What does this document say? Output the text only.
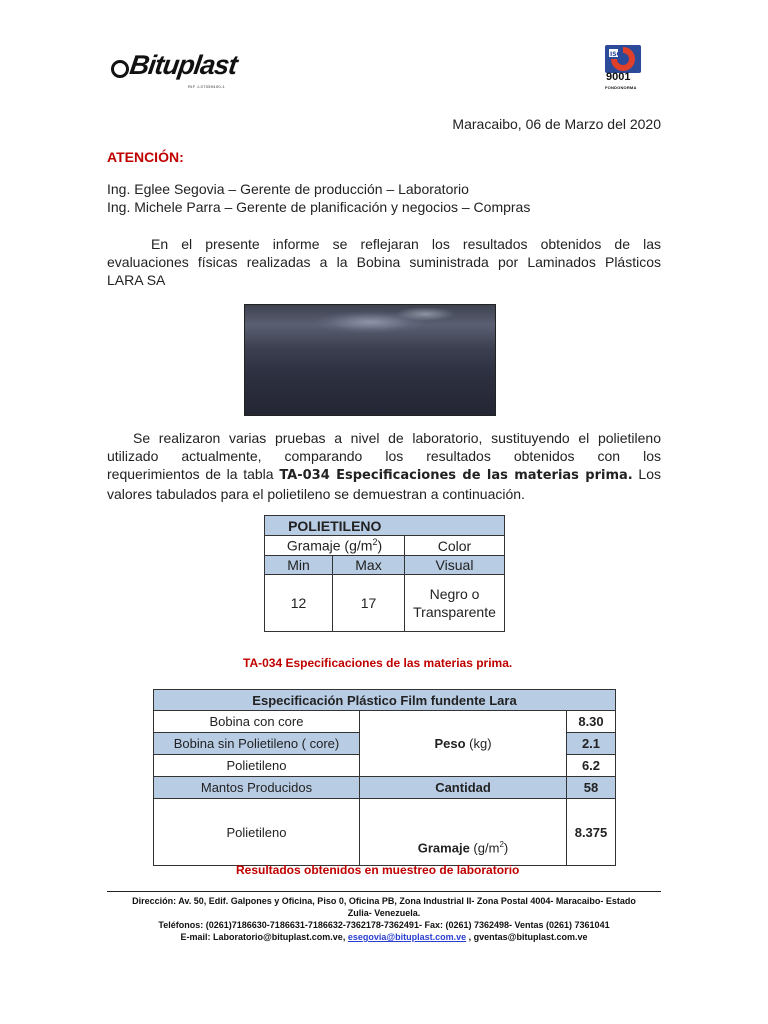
Bituplast
RIF J-07059400-1
ISO
9001
FONDONORMA
Maracaibo, 06 de Marzo del 2020
ATENCIÓN:
Ing. Eglee Segovia – Gerente de producción – Laboratorio
Ing. Michele Parra – Gerente de planificación y negocios – Compras
En el presente informe se reflejaran los resultados obtenidos de las
evaluaciones físicas realizadas a la Bobina suministrada por Laminados Plásticos
LARA SA
Se realizaron varias pruebas a nivel de laboratorio, sustituyendo el polietileno
utilizado actualmente, comparando los resultados obtenidos con los
requerimientos de la tabla TA-034 Especificaciones de las materias prima. Los
valores tabulados para el polietileno se demuestran a continuación.
POLIETILENO		
Gramaje $(g/m^2)$		Color
Min	Max	Visual
12	17	Negro o
Transparente
TA-034 Especificaciones de las materias prima.
Especificación Plástico Film fundente Lara		
Bobina con core	Peso (kg)	8.30
Bobina sin Polietileno ( core)		2.1
Polietileno		6.2
Mantos Producidos	Cantidad	58
Polietileno	Gramaje $(g/m^2)$	8.375
Resultados obtenidos en muestreo de laboratorio
Dirección: Av. 50, Edif. Galpones y Oficina, Piso 0, Oficina PB, Zona Industrial II- Zona Postal 4004- Maracaibo- Estado
Zulia- Venezuela.
Teléfonos: (0261)7186630-7186631-7186632-7362178-7362491- Fax: (0261) 7362498- Ventas (0261) 7361041
E-mail: Laboratorio@bituplast.com.ve, esegovia@bituplast.com.ve , gventas@bituplast.com.ve
